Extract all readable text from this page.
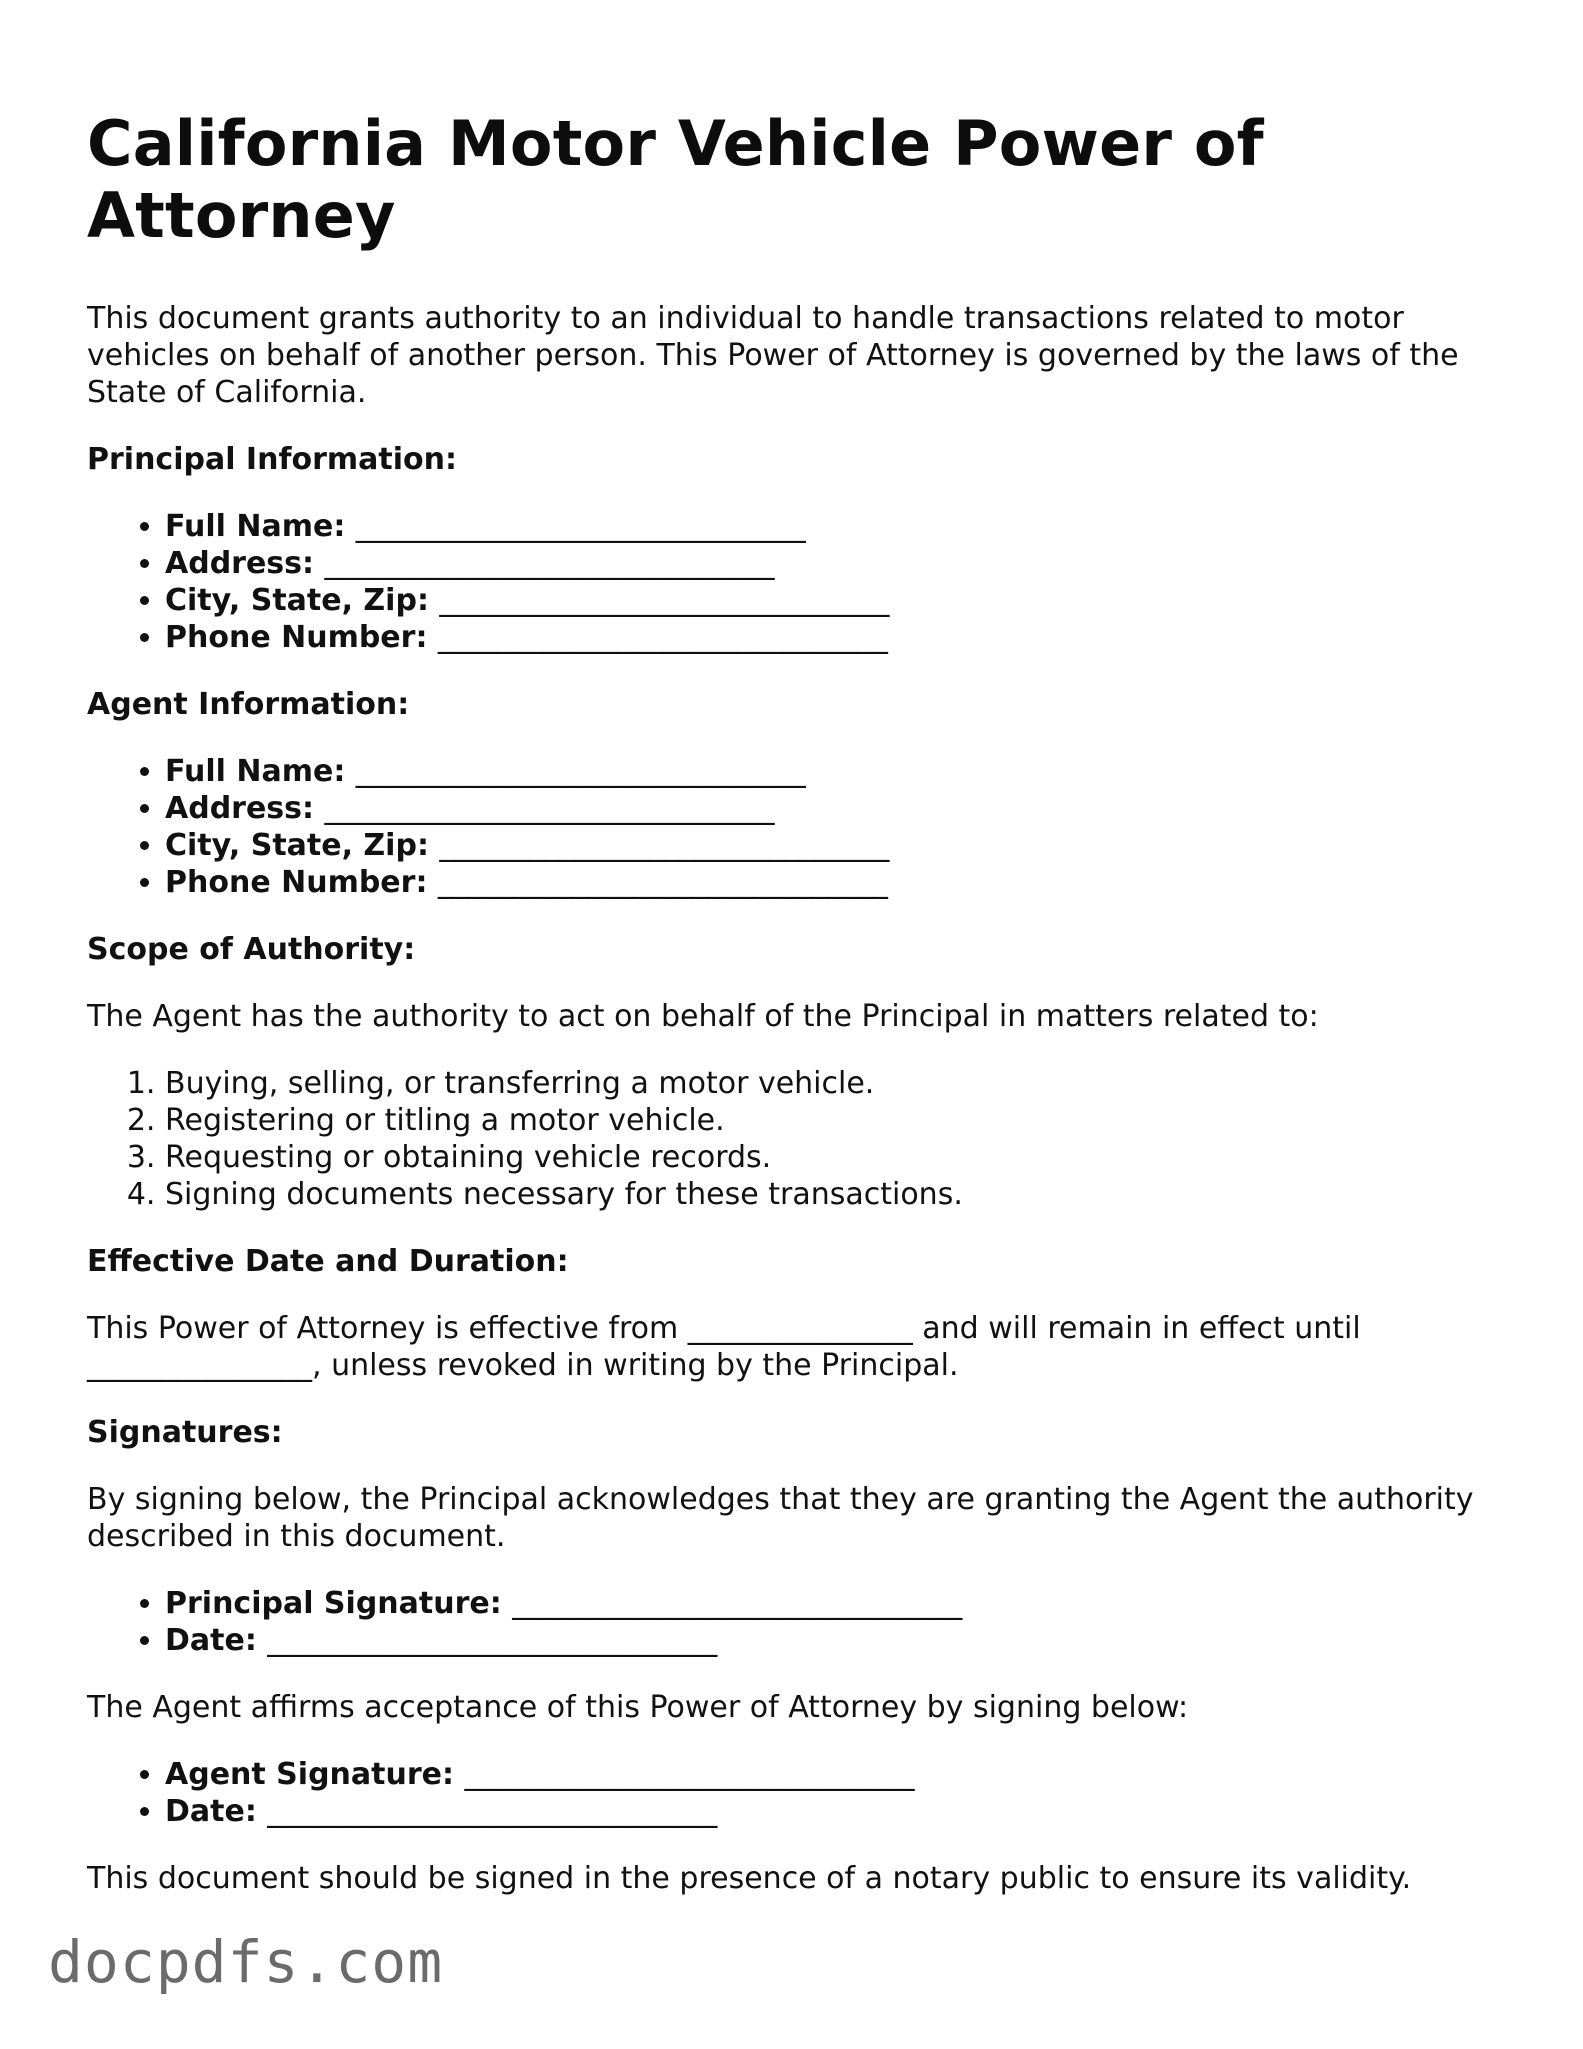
California Motor Vehicle Power of Attorney

This document grants authority to an individual to handle transactions related to motor vehicles on behalf of another person. This Power of Attorney is governed by the laws of the State of California.

Principal Information:
• Full Name: ______________________________
• Address: ______________________________
• City, State, Zip: ______________________________
• Phone Number: ______________________________
Agent Information:
• Full Name: ______________________________
• Address: ______________________________
• City, State, Zip: ______________________________
• Phone Number: ______________________________
Scope of Authority:

The Agent has the authority to act on behalf of the Principal in matters related to:

1. Buying, selling, or transferring a motor vehicle.
2. Registering or titling a motor vehicle.
3. Requesting or obtaining vehicle records.
4. Signing documents necessary for these transactions.
Effective Date and Duration:

This Power of Attorney is effective from _______________ and will remain in effect until _______________, unless revoked in writing by the Principal.

Signatures:

By signing below, the Principal acknowledges that they are granting the Agent the authority described in this document.

• Principal Signature: ______________________________
• Date: ______________________________

The Agent affirms acceptance of this Power of Attorney by signing below:

• Agent Signature: ______________________________
• Date: ______________________________

This document should be signed in the presence of a notary public to ensure its validity.

docpdfs.com
